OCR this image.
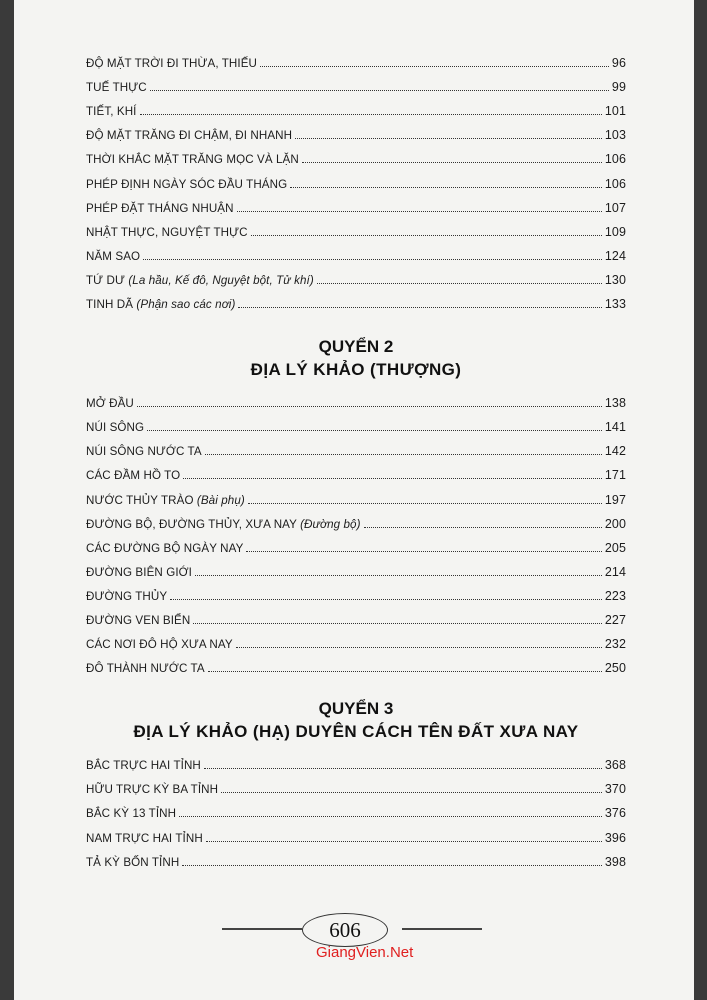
ĐỘ MẶT TRỜI ĐI THỪA, THIẾU	96
TUẾ THỰC	99
TIẾT, KHÍ	101
ĐỘ MẶT TRĂNG ĐI CHẬM, ĐI NHANH	103
THỜI KHẮC MẶT TRĂNG MỌC VÀ LẶN	106
PHÉP ĐỊNH NGÀY SÓC ĐẦU THÁNG	106
PHÉP ĐẶT THÁNG NHUẬN	107
NHẬT THỰC, NGUYỆT THỰC	109
NĂM SAO	124
TỨ DƯ (La hầu, Kế đô, Nguyệt bột, Tử khí)	130
TINH DÃ (Phận sao các nơi)	133
QUYỂN 2
ĐỊA LÝ KHẢO (THƯỢNG)
MỞ ĐẦU	138
NÚI SÔNG	141
NÚI SÔNG NƯỚC TA	142
CÁC ĐẦM HỒ TO	171
NƯỚC THỦY TRÀO (Bài phụ)	197
ĐƯỜNG BỘ, ĐƯỜNG THỦY, XƯA NAY (Đường bộ)	200
CÁC ĐƯỜNG BỘ NGÀY NAY	205
ĐƯỜNG BIÊN GIỚI	214
ĐƯỜNG THỦY	223
ĐƯỜNG VEN BIỂN	227
CÁC NƠI ĐÔ HỘ XƯA NAY	232
ĐÔ THÀNH NƯỚC TA	250
QUYỂN 3
ĐỊA LÝ KHẢO (HẠ) DUYÊN CÁCH TÊN ĐẤT XƯA NAY
BẮC TRỰC HAI TỈNH	368
HỮU TRỰC KỲ BA TỈNH	370
BẮC KỲ 13 TỈNH	376
NAM TRỰC HAI TỈNH	396
TẢ KỲ BỐN TỈNH	398
606
GiangVien.Net
